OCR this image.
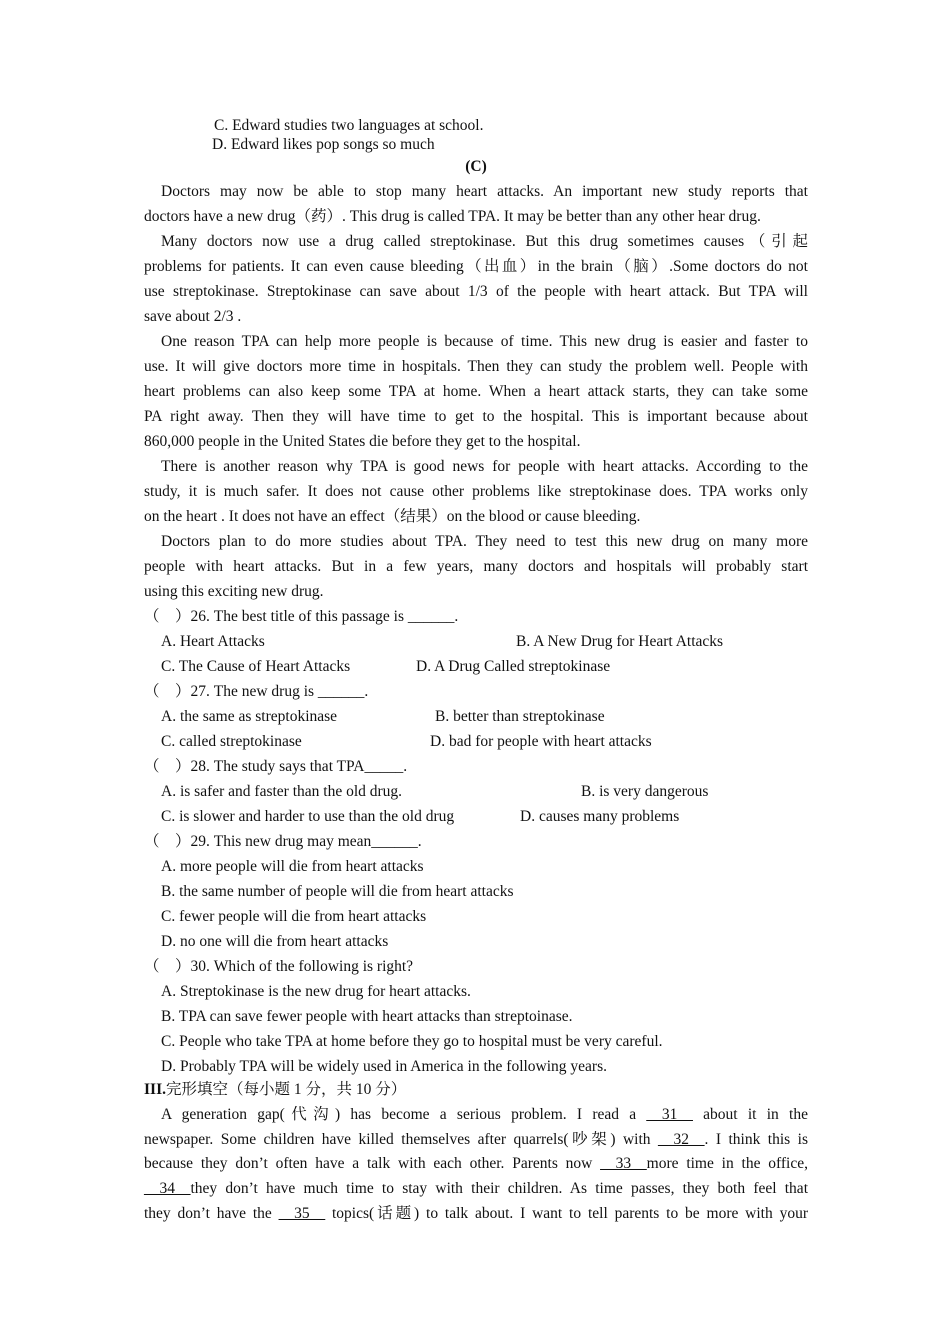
C. Edward studies two languages at school.
D. Edward likes pop songs so much
(C)
Doctors may now be able to stop many heart attacks. An important new study reports that
doctors have a new drug（药）. This drug is called TPA. It may be better than any other hear drug.
Many doctors now use a drug called streptokinase. But this drug sometimes causes（引起
problems for patients. It can even cause bleeding（出血）in the brain（脑）.Some doctors do not
use streptokinase. Streptokinase can save about 1/3 of the people with heart attack. But TPA will
save about 2/3 .
One reason TPA can help more people is because of time. This new drug is easier and faster to
use. It will give doctors more time in hospitals. Then they can study the problem well. People with
heart problems can also keep some TPA at home. When a heart attack starts, they can take some
PA right away. Then they will have time to get to the hospital. This is important because about
860,000 people in the United States die before they get to the hospital.
There is another reason why TPA is good news for people with heart attacks. According to the
study, it is much safer. It does not cause other problems like streptokinase does. TPA works only
on the heart . It does not have an effect（结果）on the blood or cause bleeding.
Doctors plan to do more studies about TPA. They need to test this new drug on many more
people with heart attacks. But in a few years, many doctors and hospitals will probably start
using this exciting new drug.
（    ）26. The best title of this passage is ______.
A. Heart Attacks	B. A New Drug for Heart Attacks
C. The Cause of Heart Attacks	D. A Drug Called streptokinase
（    ）27. The new drug is ______.
A. the same as streptokinase	B. better than streptokinase
C. called streptokinase	D. bad for people with heart attacks
（    ）28. The study says that TPA_____.
A. is safer and faster than the old drug.	B. is very dangerous
C. is slower and harder to use than the old drug	D. causes many problems
（    ）29. This new drug may mean______.
A. more people will die from heart attacks
B. the same number of people will die from heart attacks
C. fewer people will die from heart attacks
D. no one will die from heart attacks
（    ）30. Which of the following is right?
A. Streptokinase is the new drug for heart attacks.
B. TPA can save fewer people with heart attacks than streptoinase.
C. People who take TPA at home before they go to hospital must be very careful.
D. Probably TPA will be widely used in America in the following years.
III.完形填空（每小题 1 分，共 10 分）
A generation gap(代沟) has become a serious problem. I read a __31__ about it in the
newspaper. Some children have killed themselves after quarrels(吵架) with __32__. I think this is
because they don’t often have a talk with each other. Parents now __33__more time in the office,
__34__they don’t have much time to stay with their children. As time passes, they both feel that
they don’t have the __35__ topics(话题) to talk about. I want to tell parents to be more with your
